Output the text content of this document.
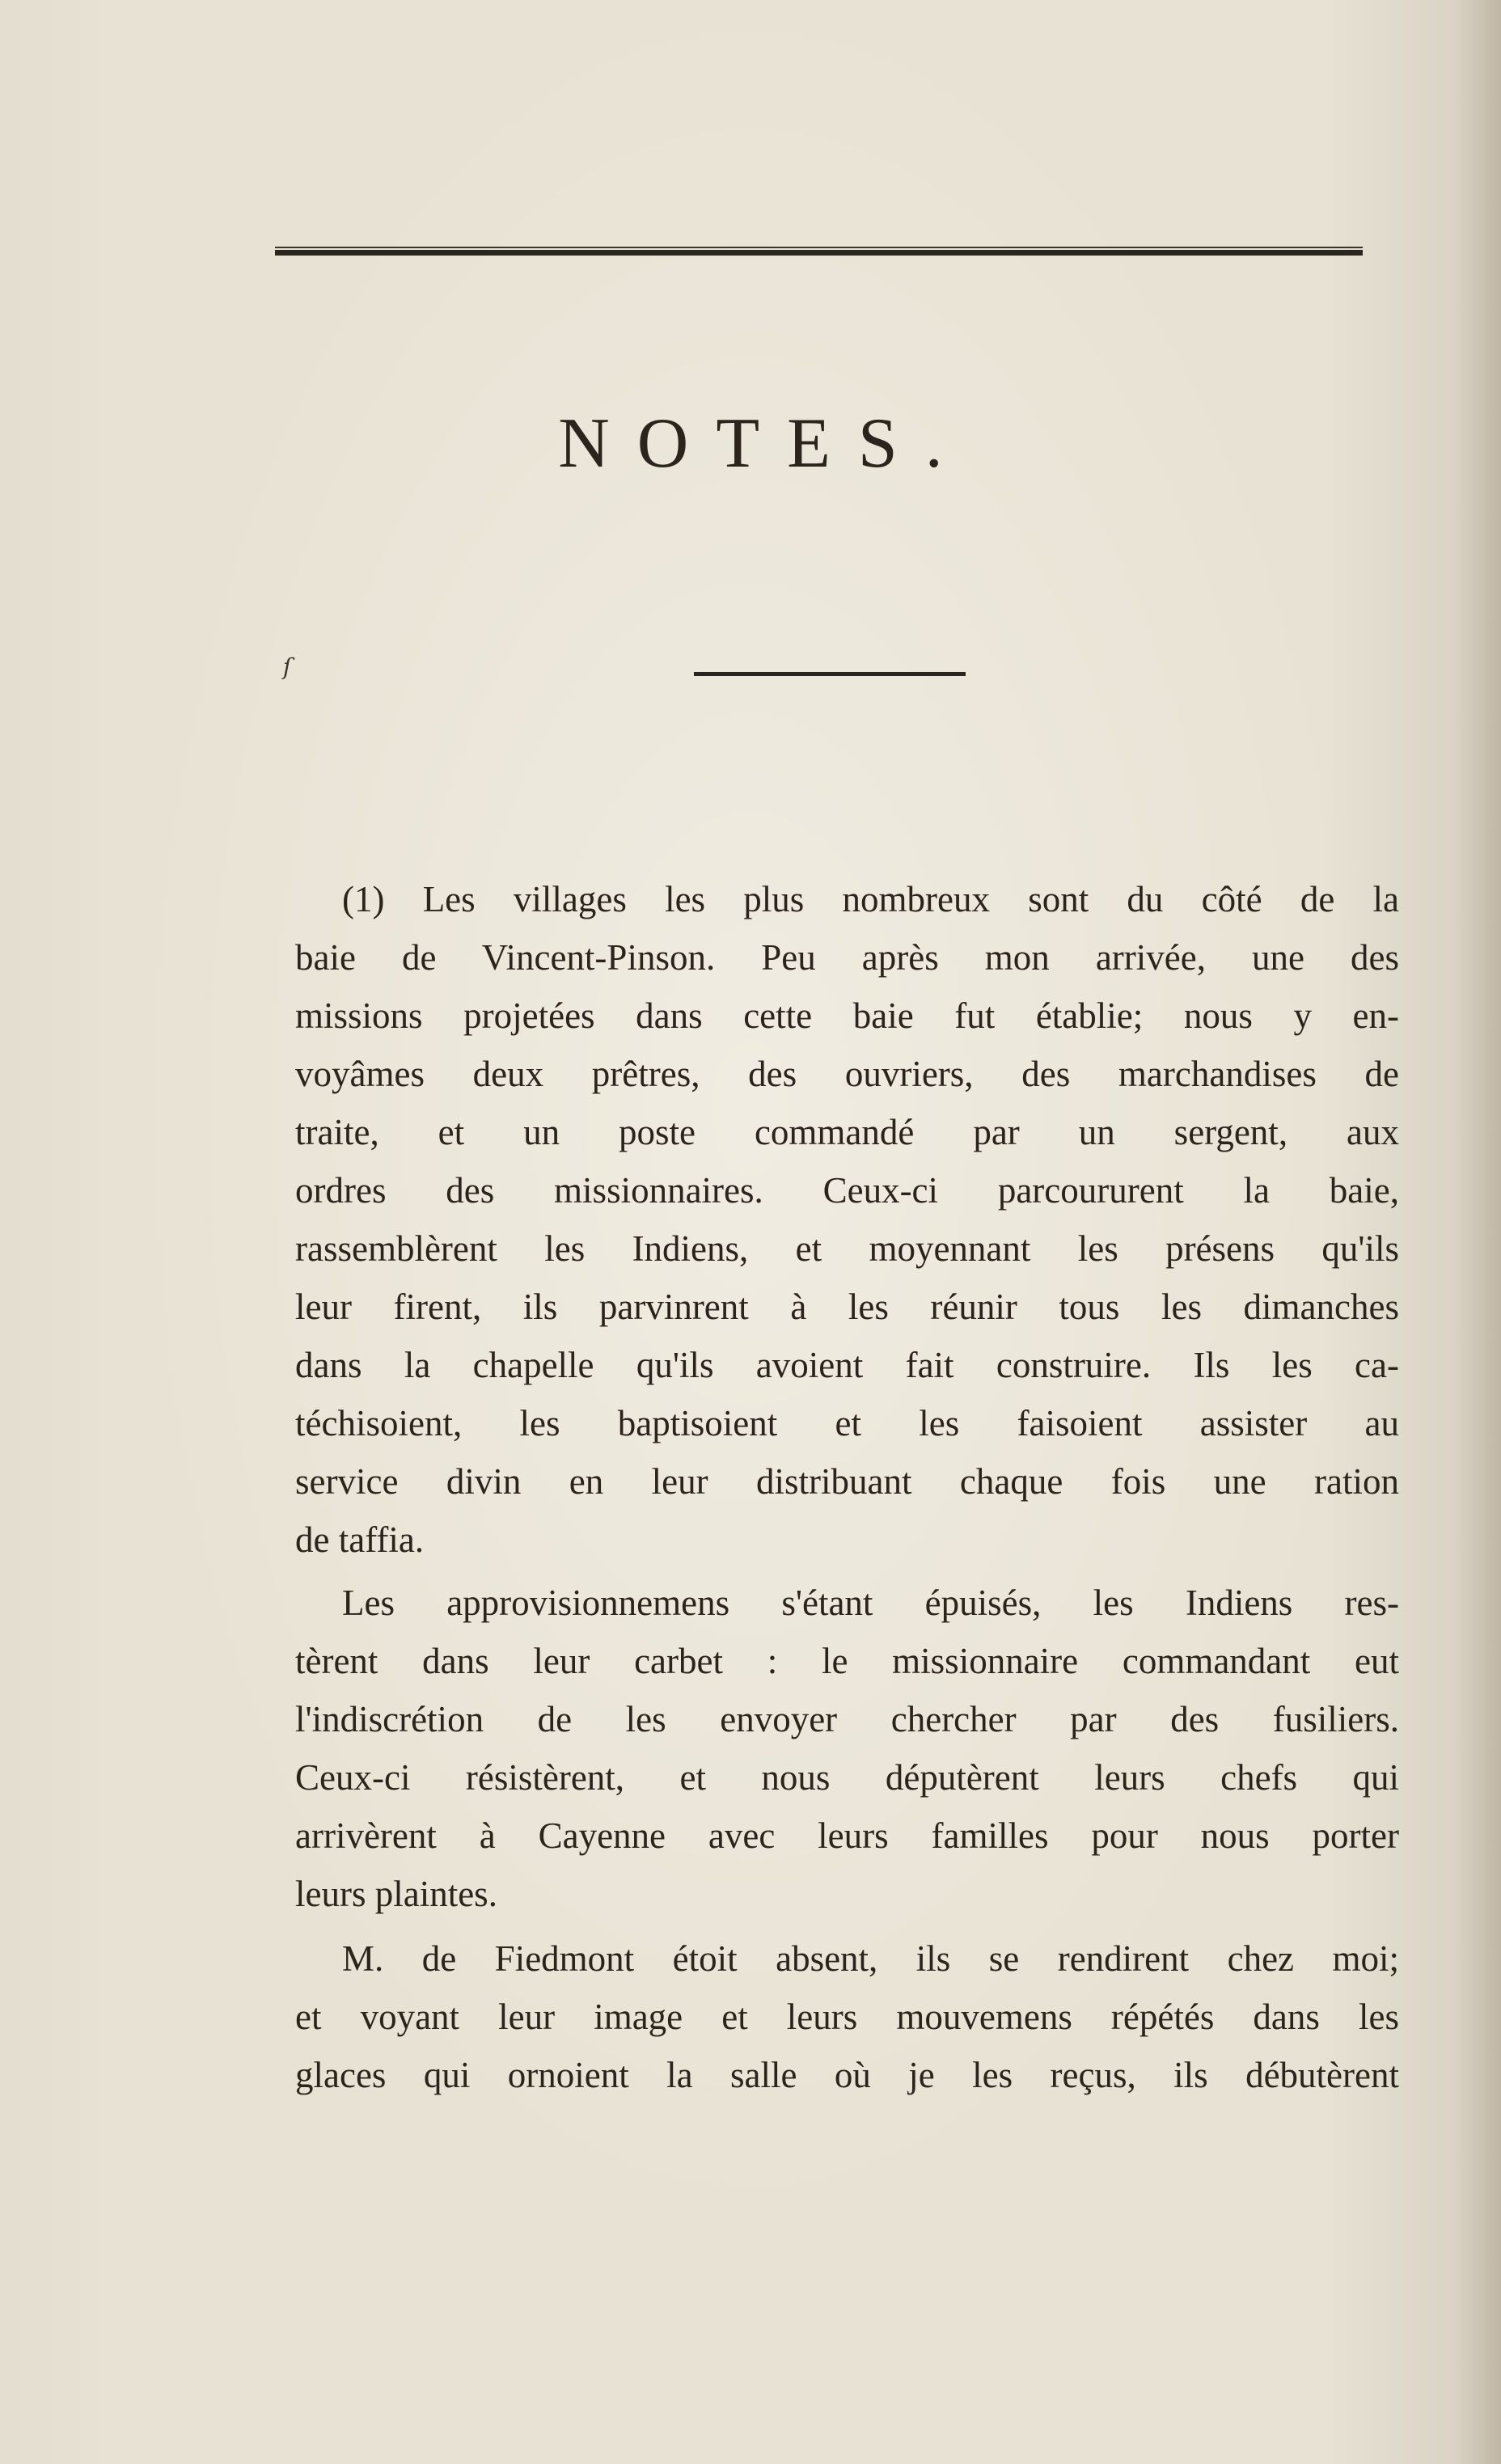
NOTES.
ſ
(1) Les villages les plus nombreux sont du côté de la
baie de Vincent-Pinson. Peu après mon arrivée, une des
missions projetées dans cette baie fut établie; nous y en-
voyâmes deux prêtres, des ouvriers, des marchandises de
traite, et un poste commandé par un sergent, aux
ordres des missionnaires. Ceux-ci parcoururent la baie,
rassemblèrent les Indiens, et moyennant les présens qu'ils
leur firent, ils parvinrent à les réunir tous les dimanches
dans la chapelle qu'ils avoient fait construire. Ils les ca-
téchisoient, les baptisoient et les faisoient assister au
service divin en leur distribuant chaque fois une ration
de taffia.
Les approvisionnemens s'étant épuisés, les Indiens res-
tèrent dans leur carbet : le missionnaire commandant eut
l'indiscrétion de les envoyer chercher par des fusiliers.
Ceux-ci résistèrent, et nous députèrent leurs chefs qui
arrivèrent à Cayenne avec leurs familles pour nous porter
leurs plaintes.
M. de Fiedmont étoit absent, ils se rendirent chez moi;
et voyant leur image et leurs mouvemens répétés dans les
glaces qui ornoient la salle où je les reçus, ils débutèrent
